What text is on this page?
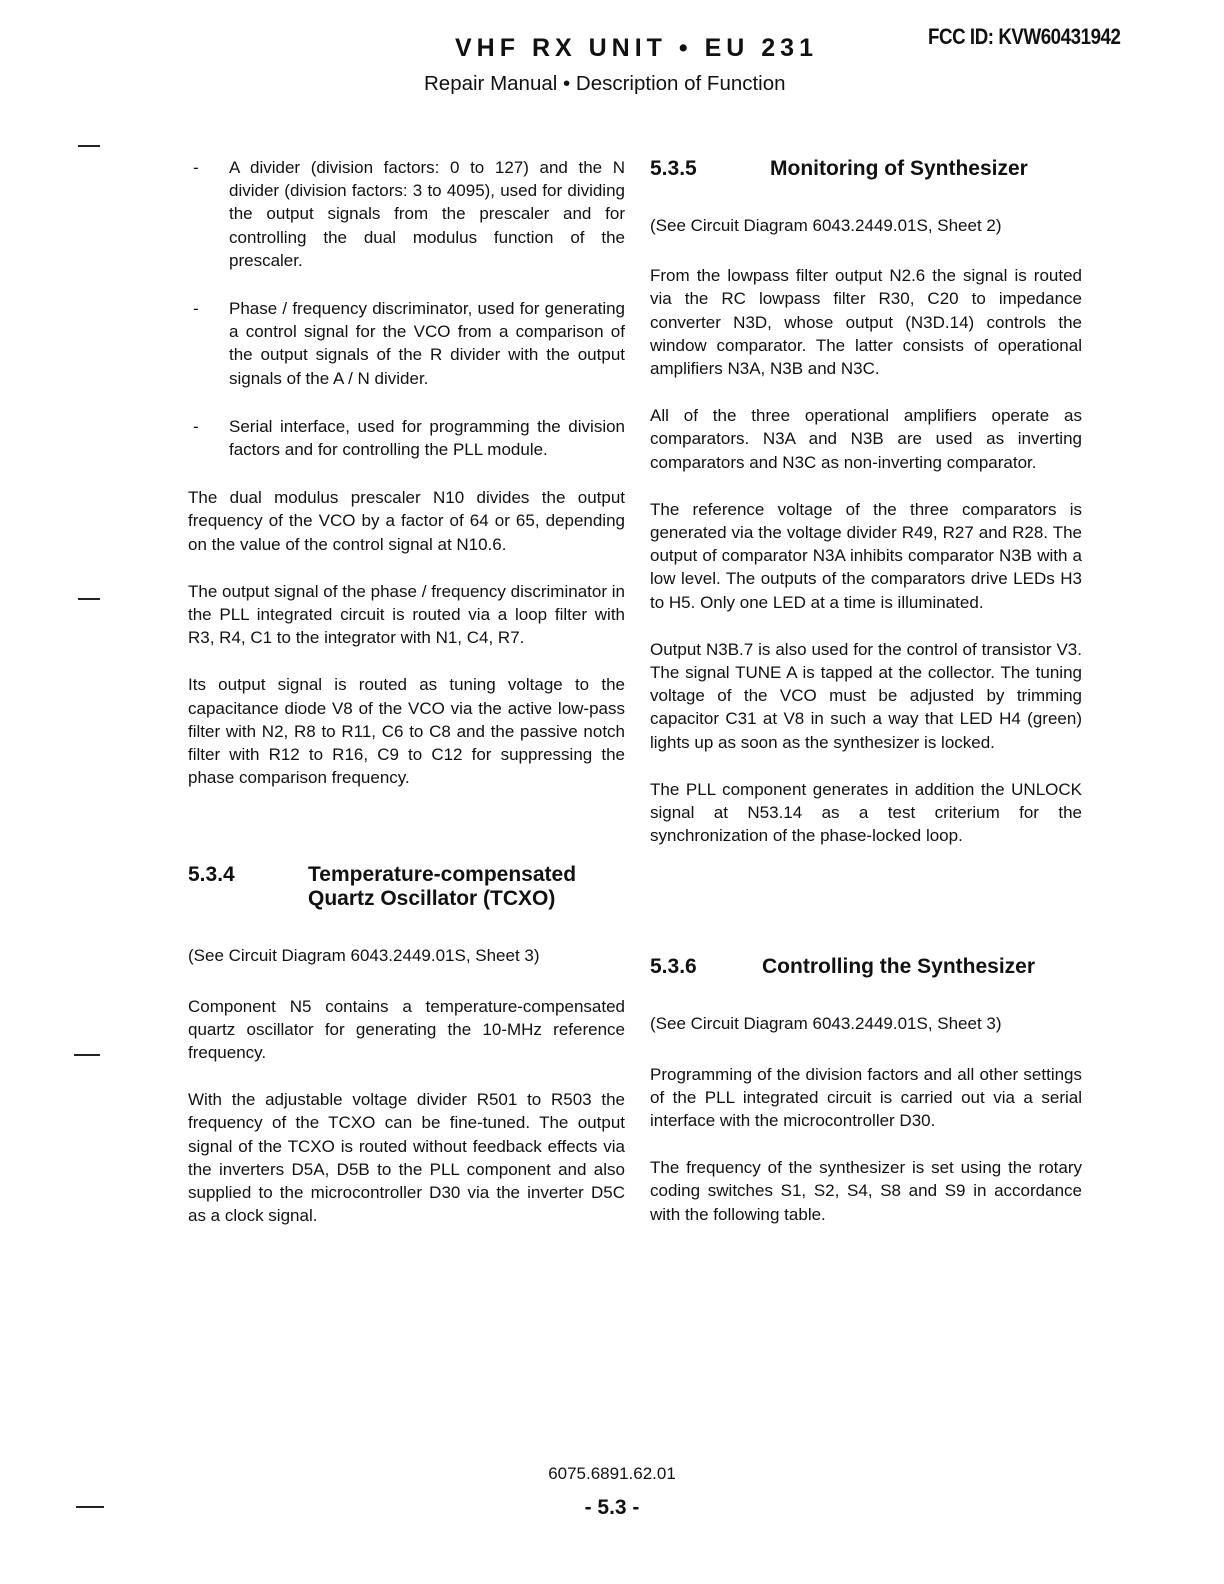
VHF RX UNIT • EU 231	FCC ID: KVW60431942
Repair Manual • Description of Function
- A divider (division factors: 0 to 127) and the N divider (division factors: 3 to 4095), used for dividing the output signals from the prescaler and for controlling the dual modulus function of the prescaler.
- Phase / frequency discriminator, used for generating a control signal for the VCO from a comparison of the output signals of the R divider with the output signals of the A / N divider.
- Serial interface, used for programming the division factors and for controlling the PLL module.

The dual modulus prescaler N10 divides the output frequency of the VCO by a factor of 64 or 65, depending on the value of the control signal at N10.6.

The output signal of the phase / frequency discriminator in the PLL integrated circuit is routed via a loop filter with R3, R4, C1 to the integrator with N1, C4, R7.

Its output signal is routed as tuning voltage to the capacitance diode V8 of the VCO via the active low-pass filter with N2, R8 to R11, C6 to C8 and the passive notch filter with R12 to R16, C9 to C12 for suppressing the phase comparison frequency.

5.3.4	Temperature-compensated
Quartz Oscillator (TCXO)

(See Circuit Diagram 6043.2449.01S, Sheet 3)

Component N5 contains a temperature-compensated quartz oscillator for generating the 10-MHz reference frequency.

With the adjustable voltage divider R501 to R503 the frequency of the TCXO can be fine-tuned. The output signal of the TCXO is routed without feedback effects via the inverters D5A, D5B to the PLL component and also supplied to the microcontroller D30 via the inverter D5C as a clock signal.

5.3.5	Monitoring of Synthesizer

(See Circuit Diagram 6043.2449.01S, Sheet 2)

From the lowpass filter output N2.6 the signal is routed via the RC lowpass filter R30, C20 to impedance converter N3D, whose output (N3D.14) controls the window comparator. The latter consists of operational amplifiers N3A, N3B and N3C.

All of the three operational amplifiers operate as comparators. N3A and N3B are used as inverting comparators and N3C as non-inverting comparator.

The reference voltage of the three comparators is generated via the voltage divider R49, R27 and R28. The output of comparator N3A inhibits comparator N3B with a low level. The outputs of the comparators drive LEDs H3 to H5. Only one LED at a time is illuminated.

Output N3B.7 is also used for the control of transistor V3. The signal TUNE A is tapped at the collector. The tuning voltage of the VCO must be adjusted by trimming capacitor C31 at V8 in such a way that LED H4 (green) lights up as soon as the synthesizer is locked.

The PLL component generates in addition the UNLOCK signal at N53.14 as a test criterium for the synchronization of the phase-locked loop.

5.3.6	Controlling the Synthesizer

(See Circuit Diagram 6043.2449.01S, Sheet 3)

Programming of the division factors and all other settings of the PLL integrated circuit is carried out via a serial interface with the microcontroller D30.

The frequency of the synthesizer is set using the rotary coding switches S1, S2, S4, S8 and S9 in accordance with the following table.

6075.6891.62.01
- 5.3 -
